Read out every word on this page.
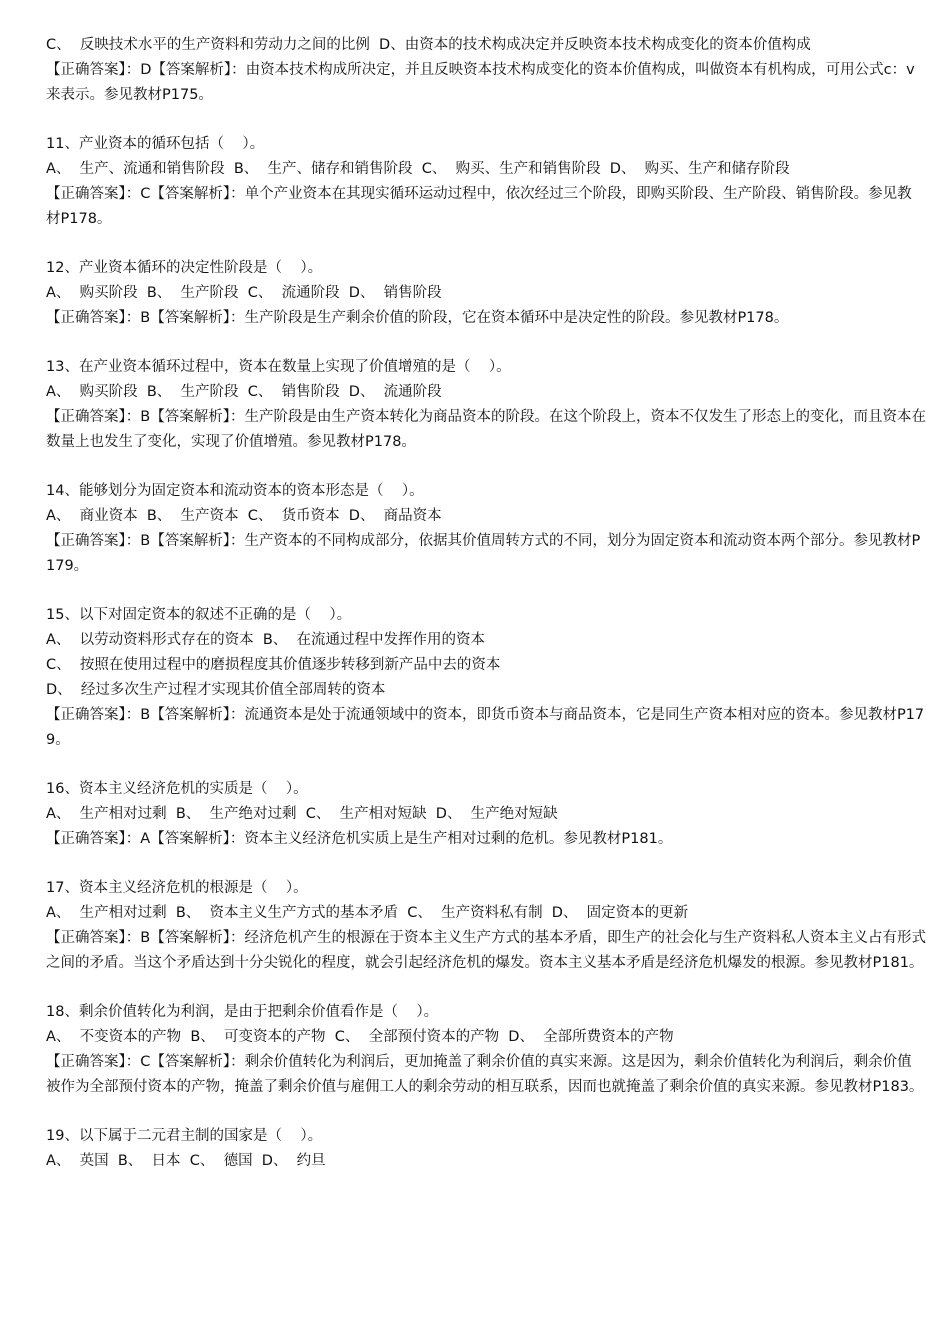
C、  反映技术水平的生产资料和劳动力之间的比例  D、由资本的技术构成决定并反映资本技术构成变化的资本价值构成

【正确答案】：D【答案解析】：由资本技术构成所决定，并且反映资本技术构成变化的资本价值构成，叫做资本有机构成，可用公式c：v来表示。参见教材P175。

11、产业资本的循环包括（    ）。

A、  生产、流通和销售阶段  B、  生产、储存和销售阶段  C、  购买、生产和销售阶段  D、  购买、生产和储存阶段

【正确答案】：C【答案解析】：单个产业资本在其现实循环运动过程中，依次经过三个阶段，即购买阶段、生产阶段、销售阶段。参见教材P178。

12、产业资本循环的决定性阶段是（    ）。

A、  购买阶段  B、  生产阶段  C、  流通阶段  D、  销售阶段

【正确答案】：B【答案解析】：生产阶段是生产剩余价值的阶段，它在资本循环中是决定性的阶段。参见教材P178。

13、在产业资本循环过程中，资本在数量上实现了价值增殖的是（    ）。

A、  购买阶段  B、  生产阶段  C、  销售阶段  D、  流通阶段

【正确答案】：B【答案解析】：生产阶段是由生产资本转化为商品资本的阶段。在这个阶段上，资本不仅发生了形态上的变化，而且资本在数量上也发生了变化，实现了价值增殖。参见教材P178。

14、能够划分为固定资本和流动资本的资本形态是（    ）。

A、  商业资本  B、  生产资本  C、  货币资本  D、  商品资本

【正确答案】：B【答案解析】：生产资本的不同构成部分，依据其价值周转方式的不同，划分为固定资本和流动资本两个部分。参见教材P179。

15、以下对固定资本的叙述不正确的是（    ）。

A、  以劳动资料形式存在的资本  B、  在流通过程中发挥作用的资本

C、  按照在使用过程中的磨损程度其价值逐步转移到新产品中去的资本

D、  经过多次生产过程才实现其价值全部周转的资本

【正确答案】：B【答案解析】：流通资本是处于流通领域中的资本，即货币资本与商品资本，它是同生产资本相对应的资本。参见教材P179。

16、资本主义经济危机的实质是（    ）。

A、  生产相对过剩  B、  生产绝对过剩  C、  生产相对短缺  D、  生产绝对短缺

【正确答案】：A【答案解析】：资本主义经济危机实质上是生产相对过剩的危机。参见教材P181。

17、资本主义经济危机的根源是（    ）。

A、  生产相对过剩  B、  资本主义生产方式的基本矛盾  C、  生产资料私有制  D、  固定资本的更新

【正确答案】：B【答案解析】：经济危机产生的根源在于资本主义生产方式的基本矛盾，即生产的社会化与生产资料私人资本主义占有形式之间的矛盾。当这个矛盾达到十分尖锐化的程度，就会引起经济危机的爆发。资本主义基本矛盾是经济危机爆发的根源。参见教材P181。

18、剩余价值转化为利润，是由于把剩余价值看作是（    ）。

A、  不变资本的产物  B、  可变资本的产物  C、  全部预付资本的产物  D、  全部所费资本的产物

【正确答案】：C【答案解析】：剩余价值转化为利润后，更加掩盖了剩余价值的真实来源。这是因为，剩余价值转化为利润后，剩余价值被作为全部预付资本的产物，掩盖了剩余价值与雇佣工人的剩余劳动的相互联系，因而也就掩盖了剩余价值的真实来源。参见教材P183。

19、以下属于二元君主制的国家是（    ）。

A、  英国  B、  日本  C、  德国  D、  约旦
